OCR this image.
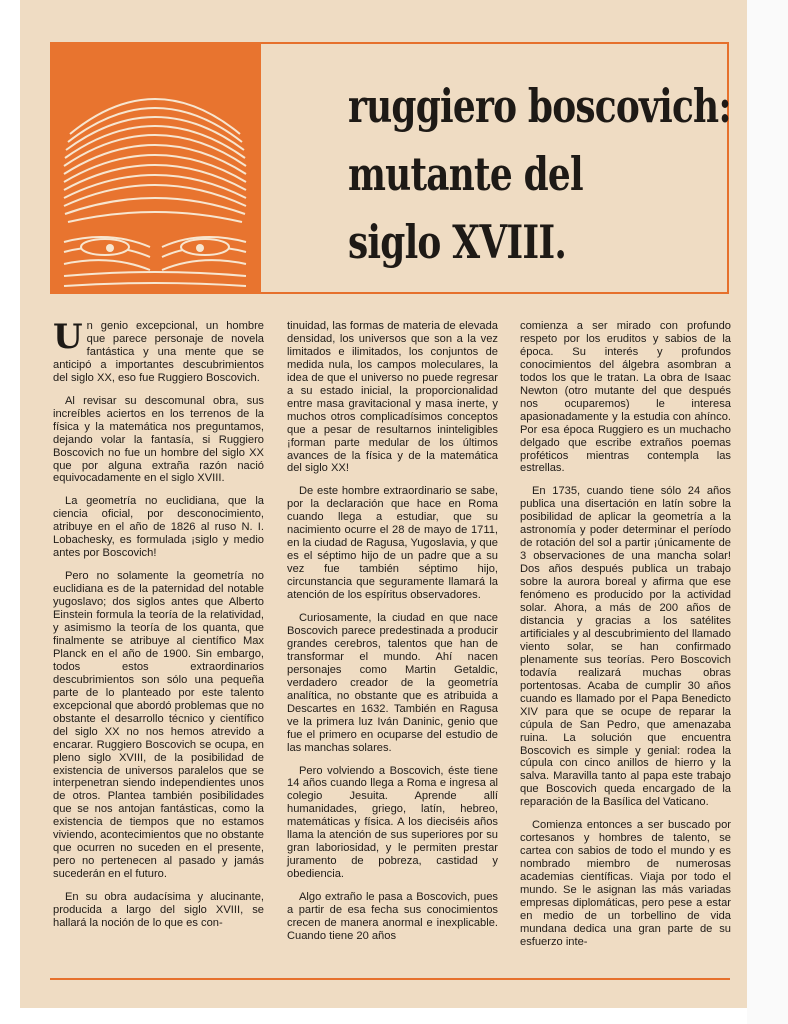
ruggiero boscovich:
mutante del
siglo XVIII.

Un genio excepcional, un hombre que parece personaje de novela fantástica y una mente que se anticipó a importantes descubrimientos del siglo XX, eso fue Ruggiero Boscovich.

Al revisar su descomunal obra, sus increíbles aciertos en los terrenos de la física y la matemática nos preguntamos, dejando volar la fantasía, si Ruggiero Boscovich no fue un hombre del siglo XX que por alguna extraña razón nació equivocadamente en el siglo XVIII.

La geometría no euclidiana, que la ciencia oficial, por desconocimiento, atribuye en el año de 1826 al ruso N. I. Lobachesky, es formulada ¡siglo y medio antes por Boscovich!

Pero no solamente la geometría no euclidiana es de la paternidad del notable yugoslavo; dos siglos antes que Alberto Einstein formula la teoría de la relatividad, y asimismo la teoría de los quanta, que finalmente se atribuye al científico Max Planck en el año de 1900. Sin embargo, todos estos extraordinarios descubrimientos son sólo una pequeña parte de lo planteado por este talento excepcional que abordó problemas que no obstante el desarrollo técnico y científico del siglo XX no nos hemos atrevido a encarar. Ruggiero Boscovich se ocupa, en pleno siglo XVIII, de la posibilidad de existencia de universos paralelos que se interpenetran siendo independientes unos de otros. Plantea también posibilidades que se nos antojan fantásticas, como la existencia de tiempos que no estamos viviendo, acontecimientos que no obstante que ocurren no suceden en el presente, pero no pertenecen al pasado y jamás sucederán en el futuro.

En su obra audacísima y alucinante, producida a largo del siglo XVIII, se hallará la noción de lo que es con-

tinuidad, las formas de materia de elevada densidad, los universos que son a la vez limitados e ilimitados, los conjuntos de medida nula, los campos moleculares, la idea de que el universo no puede regresar a su estado inicial, la proporcionalidad entre masa gravitacional y masa inerte, y muchos otros complicadísimos conceptos que a pesar de resultarnos ininteligibles ¡forman parte medular de los últimos avances de la física y de la matemática del siglo XX!

De este hombre extraordinario se sabe, por la declaración que hace en Roma cuando llega a estudiar, que su nacimiento ocurre el 28 de mayo de 1711, en la ciudad de Ragusa, Yugoslavia, y que es el séptimo hijo de un padre que a su vez fue también séptimo hijo, circunstancia que seguramente llamará la atención de los espíritus observadores.

Curiosamente, la ciudad en que nace Boscovich parece predestinada a producir grandes cerebros, talentos que han de transformar el mundo. Ahí nacen personajes como Martin Getaldic, verdadero creador de la geometría analítica, no obstante que es atribuida a Descartes en 1632. También en Ragusa ve la primera luz Iván Daninic, genio que fue el primero en ocuparse del estudio de las manchas solares.

Pero volviendo a Boscovich, éste tiene 14 años cuando llega a Roma e ingresa al colegio Jesuita. Aprende allí humanidades, griego, latín, hebreo, matemáticas y física. A los dieciséis años llama la atención de sus superiores por su gran laboriosidad, y le permiten prestar juramento de pobreza, castidad y obediencia.

Algo extraño le pasa a Boscovich, pues a partir de esa fecha sus conocimientos crecen de manera anormal e inexplicable. Cuando tiene 20 años

comienza a ser mirado con profundo respeto por los eruditos y sabios de la época. Su interés y profundos conocimientos del álgebra asombran a todos los que le tratan. La obra de Isaac Newton (otro mutante del que después nos ocuparemos) le interesa apasionadamente y la estudia con ahínco. Por esa época Ruggiero es un muchacho delgado que escribe extraños poemas proféticos mientras contempla las estrellas.

En 1735, cuando tiene sólo 24 años publica una disertación en latín sobre la posibilidad de aplicar la geometría a la astronomía y poder determinar el período de rotación del sol a partir ¡únicamente de 3 observaciones de una mancha solar! Dos años después publica un trabajo sobre la aurora boreal y afirma que ese fenómeno es producido por la actividad solar. Ahora, a más de 200 años de distancia y gracias a los satélites artificiales y al descubrimiento del llamado viento solar, se han confirmado plenamente sus teorías. Pero Boscovich todavía realizará muchas obras portentosas. Acaba de cumplir 30 años cuando es llamado por el Papa Benedicto XIV para que se ocupe de reparar la cúpula de San Pedro, que amenazaba ruina. La solución que encuentra Boscovich es simple y genial: rodea la cúpula con cinco anillos de hierro y la salva. Maravilla tanto al papa este trabajo que Boscovich queda encargado de la reparación de la Basílica del Vaticano.

Comienza entonces a ser buscado por cortesanos y hombres de talento, se cartea con sabios de todo el mundo y es nombrado miembro de numerosas academias científicas. Viaja por todo el mundo. Se le asignan las más variadas empresas diplomáticas, pero pese a estar en medio de un torbellino de vida mundana dedica una gran parte de su esfuerzo inte-
